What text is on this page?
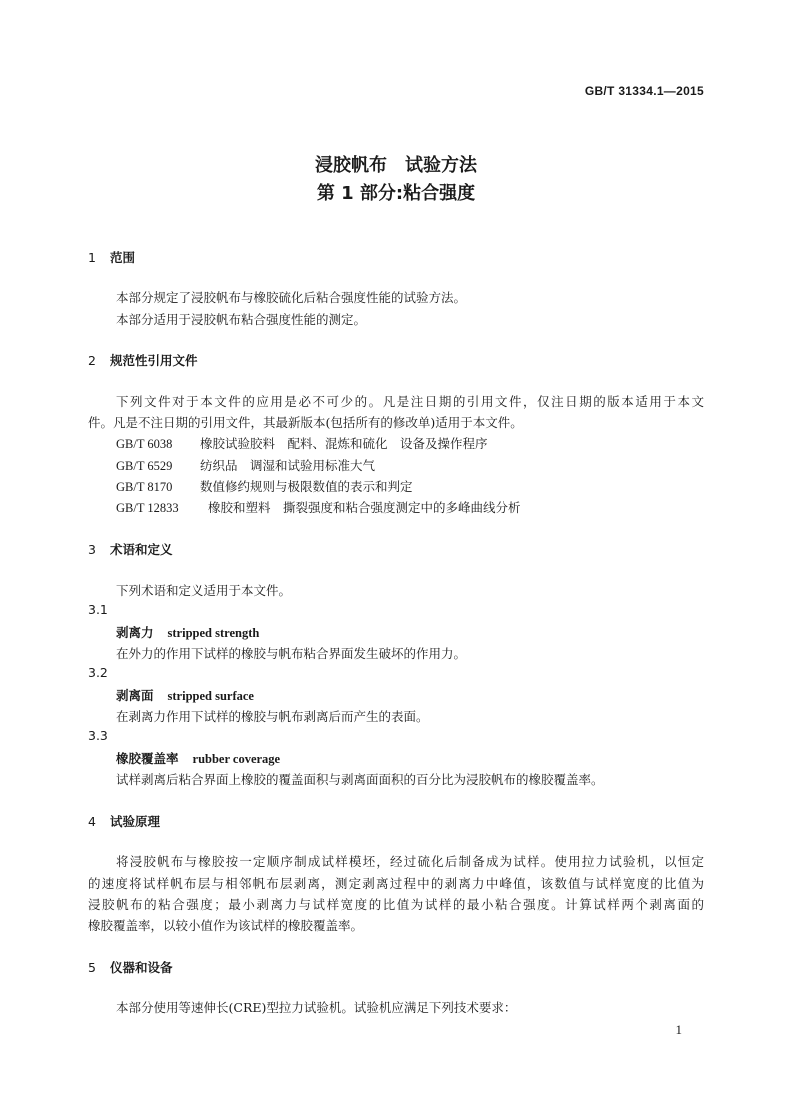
GB/T 31334.1—2015
浸胶帆布　试验方法
第 1 部分:粘合强度
1 范围
本部分规定了浸胶帆布与橡胶硫化后粘合强度性能的试验方法。
本部分适用于浸胶帆布粘合强度性能的测定。
2 规范性引用文件
下列文件对于本文件的应用是必不可少的。凡是注日期的引用文件，仅注日期的版本适用于本文
件。凡是不注日期的引用文件，其最新版本(包括所有的修改单)适用于本文件。
GB/T 6038 橡胶试验胶料　配料、混炼和硫化　设备及操作程序
GB/T 6529 纺织品　调湿和试验用标准大气
GB/T 8170 数值修约规则与极限数值的表示和判定
GB/T 12833 橡胶和塑料　撕裂强度和粘合强度测定中的多峰曲线分析
3 术语和定义
下列术语和定义适用于本文件。
3.1
剥离力 stripped strength
在外力的作用下试样的橡胶与帆布粘合界面发生破坏的作用力。
3.2
剥离面 stripped surface
在剥离力作用下试样的橡胶与帆布剥离后而产生的表面。
3.3
橡胶覆盖率 rubber coverage
试样剥离后粘合界面上橡胶的覆盖面积与剥离面面积的百分比为浸胶帆布的橡胶覆盖率。
4 试验原理
将浸胶帆布与橡胶按一定顺序制成试样模坯，经过硫化后制备成为试样。使用拉力试验机，以恒定
的速度将试样帆布层与相邻帆布层剥离，测定剥离过程中的剥离力中峰值，该数值与试样宽度的比值为
浸胶帆布的粘合强度；最小剥离力与试样宽度的比值为试样的最小粘合强度。计算试样两个剥离面的
橡胶覆盖率，以较小值作为该试样的橡胶覆盖率。
5 仪器和设备
本部分使用等速伸长(CRE)型拉力试验机。试验机应满足下列技术要求：
1
